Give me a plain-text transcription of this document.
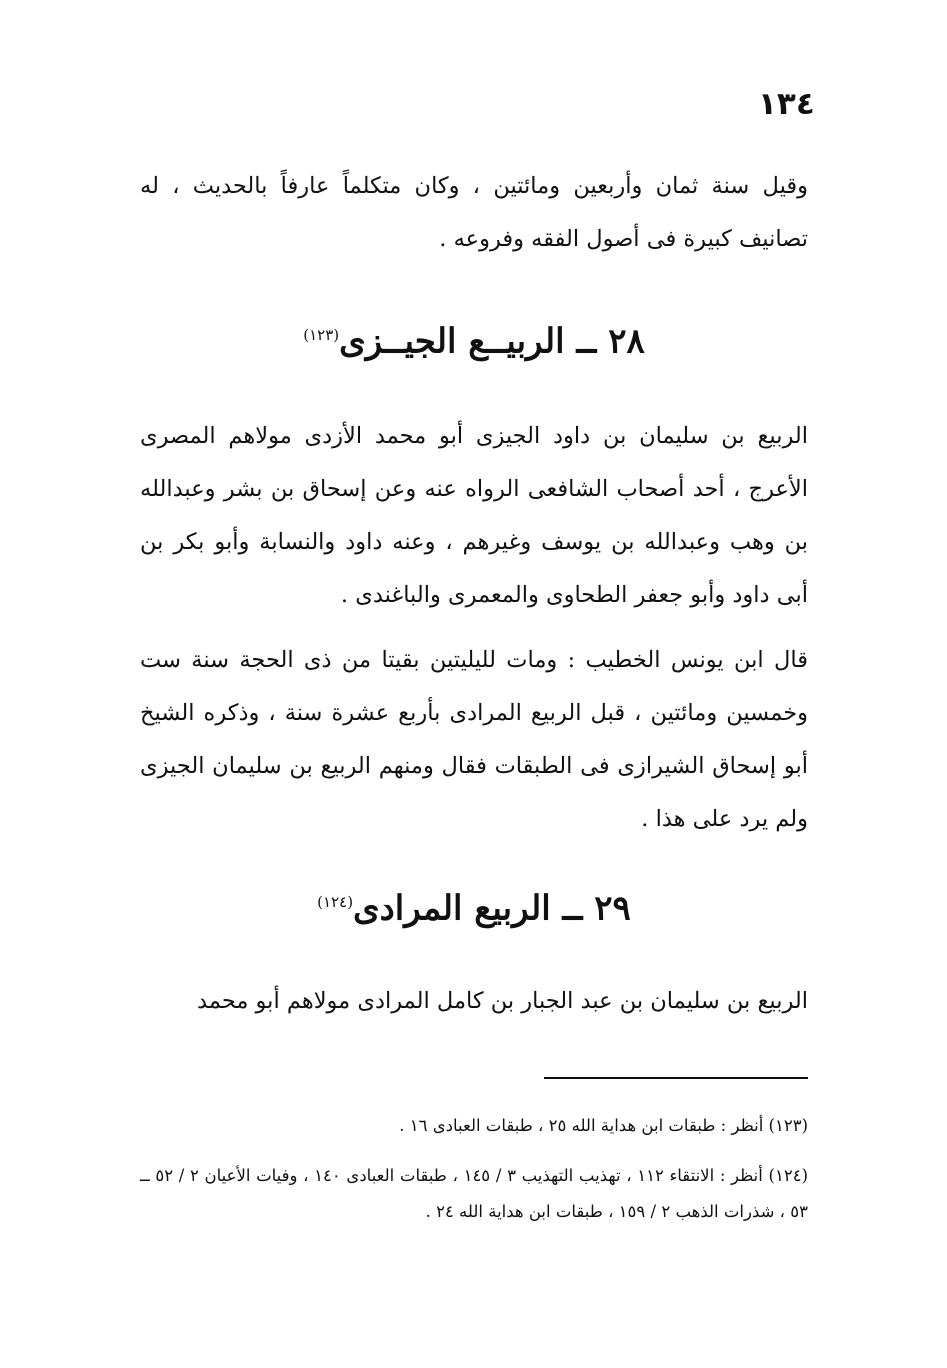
١٣٤

وقيل سنة ثمان وأربعين ومائتين ، وكان متكلماً عارفاً بالحديث ، له تصانيف كبيرة فى أصول الفقه وفروعه .

٢٨ ــ الربيــع الجيــزى$^{(١٢٣)}$

الربيع بن سليمان بن داود الجيزى أبو محمد الأزدى مولاهم المصرى الأعرج ، أحد أصحاب الشافعى الرواه عنه وعن إسحاق بن بشر وعبدالله بن وهب وعبدالله بن يوسف وغيرهم ، وعنه داود والنسابة وأبو بكر بن أبى داود وأبو جعفر الطحاوى والمعمرى والباغندى .

قال ابن يونس الخطيب : ومات لليليتين بقيتا من ذى الحجة سنة ست وخمسين ومائتين ، قبل الربيع المرادى بأربع عشرة سنة ، وذكره الشيخ أبو إسحاق الشيرازى فى الطبقات فقال ومنهم الربيع بن سليمان الجيزى ولم يرد على هذا .

٢٩ ــ الربيع المرادى$^{(١٢٤)}$

الربيع بن سليمان بن عبد الجبار بن كامل المرادى مولاهم أبو محمد

(١٢٣) أنظر : طبقات ابن هداية الله ٢٥ ، طبقات العبادى ١٦ .

(١٢٤) أنظر : الانتقاء ١١٢ ، تهذيب التهذيب ٣ / ١٤٥ ، طبقات العبادى ١٤٠ ، وفيات الأعيان ٢ / ٥٢ ــ ٥٣ ، شذرات الذهب ٢ / ١٥٩ ، طبقات ابن هداية الله ٢٤ .
